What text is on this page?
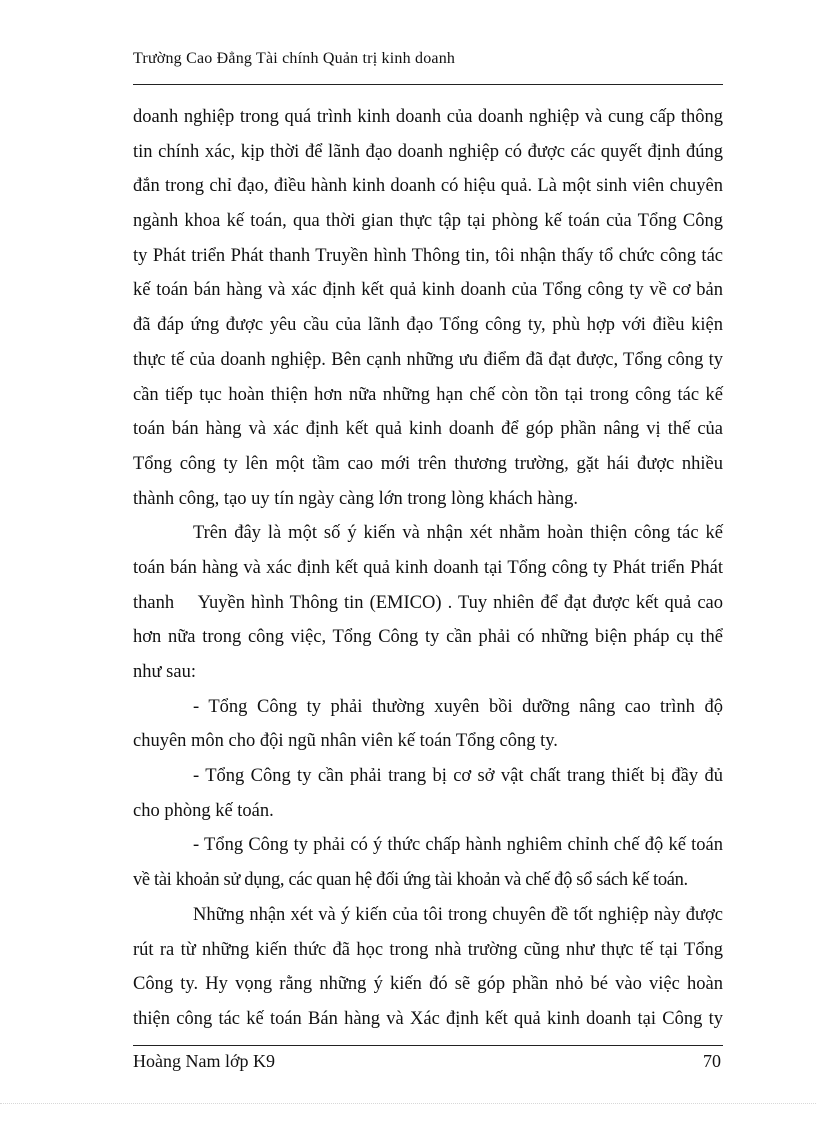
Trường Cao Đẳng Tài chính Quản trị kinh doanh
doanh nghiệp trong quá trình kinh doanh của doanh nghiệp và cung cấp thông
tin chính xác, kịp thời để lãnh đạo doanh nghiệp có được các quyết định đúng
đắn trong chỉ đạo, điều hành kinh doanh có hiệu quả. Là một sinh viên chuyên
ngành khoa kế toán, qua thời gian thực tập tại phòng kế toán của Tổng Công
ty Phát triển Phát thanh Truyền hình Thông tin, tôi nhận thấy tổ chức công tác
kế toán bán hàng và xác định kết quả kinh doanh của Tổng công ty về cơ bản
đã đáp ứng được yêu cầu của lãnh đạo Tổng công ty, phù hợp với điều kiện
thực tế của doanh nghiệp. Bên cạnh những ưu điểm đã đạt được, Tổng công ty
cần tiếp tục hoàn thiện hơn nữa những hạn chế còn tồn tại trong công tác kế
toán bán hàng và xác định kết quả kinh doanh để góp phần nâng vị thế của
Tổng công ty lên một tầm cao mới trên thương trường, gặt hái được nhiều
thành công, tạo uy tín ngày càng lớn trong lòng khách hàng.
Trên đây là một số ý kiến và nhận xét nhằm hoàn thiện công tác kế
toán bán hàng và xác định kết quả kinh doanh tại Tổng công ty Phát triển Phát
thanh    Yuyền hình Thông tin (EMICO) . Tuy nhiên để đạt được kết quả cao
hơn nữa trong công việc, Tổng Công ty cần phải có những biện pháp cụ thể
như sau:
- Tổng Công ty phải thường xuyên bồi dưỡng nâng cao trình độ
chuyên môn cho đội ngũ nhân viên kế toán Tổng công ty.
- Tổng Công ty cần phải trang bị cơ sở vật chất trang thiết bị đầy đủ
cho phòng kế toán.
- Tổng Công ty phải có ý thức chấp hành nghiêm chỉnh chế độ kế toán
về tài khoản sử dụng, các quan hệ đối ứng tài khoản và chế độ sổ sách kế toán.
Những nhận xét và ý kiến của tôi trong chuyên đề tốt nghiệp này được
rút ra từ những kiến thức đã học trong nhà trường cũng như thực tế tại Tổng
Công ty. Hy vọng rằng những ý kiến đó sẽ góp phần nhỏ bé vào việc hoàn
thiện công tác kế toán Bán hàng và Xác định kết quả kinh doanh tại Công ty
Hoàng Nam lớp K9	70
